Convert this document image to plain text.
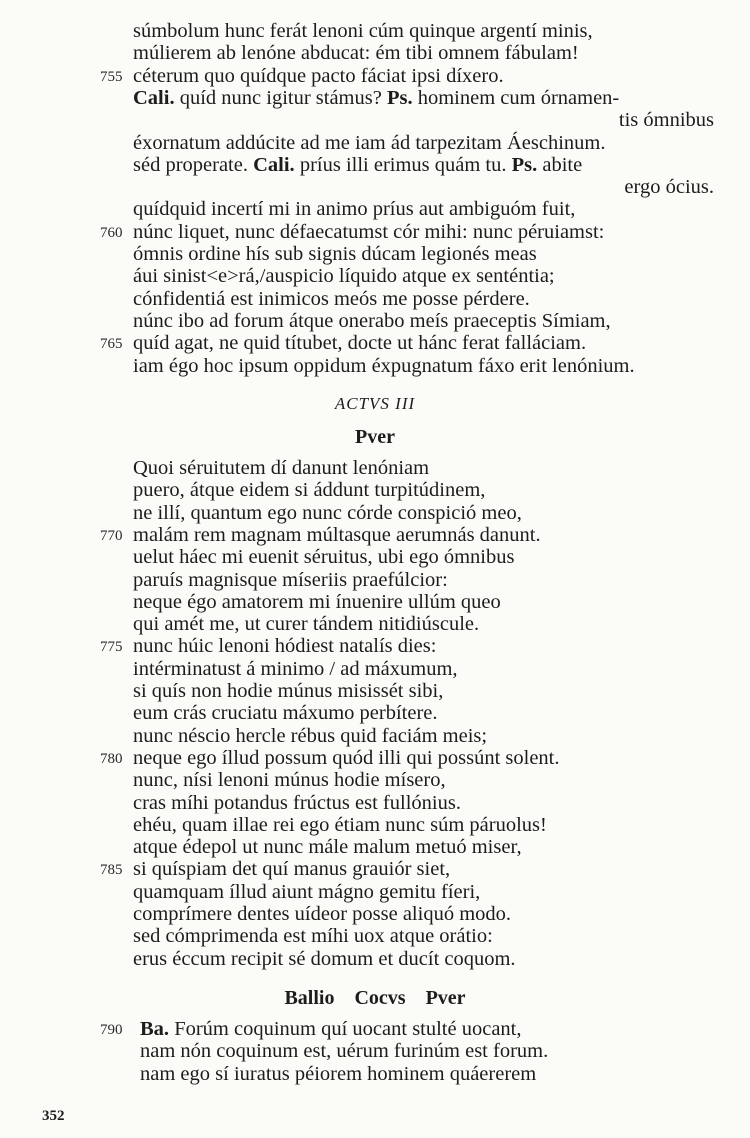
súmbolum hunc ferát lenoni cúm quinque argentí minis,
múlierem ab lenóne abducat: ém tibi omnem fábulam!
755 céterum quo quídque pacto fáciat ipsi díxero.
Cali. quíd nunc igitur stámus? Ps. hominem cum órnamen-
tis ómnibus
éxornatum addúcite ad me iam ád tarpezitam Áeschinum.
séd properate. Cali. príus illi erimus quám tu. Ps. abite
ergo ócius.
quídquid incertí mi in animo príus aut ambiguóm fuit,
760 núnc liquet, nunc défaecatumst cór mihi: nunc péruiamst:
ómnis ordine hís sub signis dúcam legionés meas
áui sinist<e>rá,/auspicio líquido atque ex senténtia;
cónfidentiá est inimicos meós me posse pérdere.
núnc ibo ad forum átque onerabo meís praeceptis Símiam,
765 quíd agat, ne quid títubet, docte ut hánc ferat falláciam.
iam égo hoc ipsum oppidum éxpugnatum fáxo erit lenónium.
ACTVS III
Pver
Quoi séruitutem dí danunt lenóniam
puero, átque eidem si áddunt turpitúdinem,
ne illí, quantum ego nunc córde conspició meo,
770 malám rem magnam múltasque aerumnás danunt.
uelut háec mi euenit séruitus, ubi ego ómnibus
paruís magnisque míseriis praefúlcior:
neque égo amatorem mi ínuenire ullúm queo
qui amét me, ut curer tándem nitidiúscule.
775 nunc húic lenoni hódiest natalís dies:
intérminatust á minimo / ad máxumum,
si quís non hodie múnus misissét sibi,
eum crás cruciatu máxumo perbítere.
nunc néscio hercle rébus quid faciám meis;
780 neque ego íllud possum quód illi qui possúnt solent.
nunc, nísi lenoni múnus hodie mísero,
cras míhi potandus frúctus est fullónius.
ehéu, quam illae rei ego étiam nunc súm páruolus!
atque édepol ut nunc mále malum metuó miser,
785 si quíspiam det quí manus grauiór siet,
quamquam íllud aiunt mágno gemitu fíeri,
comprímere dentes uídeor posse aliquó modo.
sed cómprimenda est míhi uox atque orátio:
erus éccum recipit sé domum et ducít coquom.
Ballio    Cocvs    Pver
790 Ba. Forúm coquinum quí uocant stulté uocant,
nam nón coquinum est, uérum furinúm est forum.
nam ego sí iuratus péiorem hominem quáererem
352
